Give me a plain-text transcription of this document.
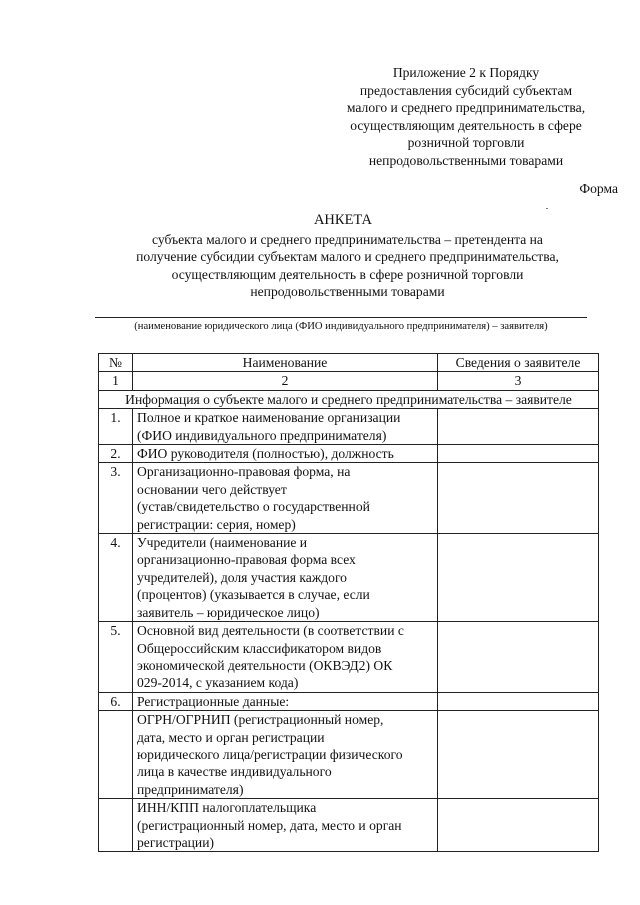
Приложение 2 к Порядку
предоставления субсидий субъектам
малого и среднего предпринимательства,
осуществляющим деятельность в сфере
розничной торговли
непродовольственными товарами
Форма
АНКЕТА
субъекта малого и среднего предпринимательства – претендента на
получение субсидии субъектам малого и среднего предпринимательства,
осуществляющим деятельность в сфере розничной торговли
непродовольственными товарами
(наименование юридического лица (ФИО индивидуального предпринимателя) – заявителя)
№	Наименование	Сведения о заявителе
1	2	3
Информация о субъекте малого и среднего предпринимательства – заявителе		
1.	Полное и краткое наименование организации
(ФИО индивидуального предпринимателя)	

2.	ФИО руководителя (полностью), должность	

3.	Организационно-правовая форма, на
основании чего действует
(устав/свидетельство о государственной
регистрации: серия, номер)	

4.	Учредители (наименование и
организационно-правовая форма всех
учредителей), доля участия каждого
(процентов) (указывается в случае, если
заявитель – юридическое лицо)	

5.	Основной вид деятельности (в соответствии с
Общероссийским классификатором видов
экономической деятельности (ОКВЭД2) ОК
029-2014, с указанием кода)	

6.	Регистрационные данные:	

	ОГРН/ОГРНИП (регистрационный номер,
дата, место и орган регистрации
юридического лица/регистрации физического
лица в качестве индивидуального
предпринимателя)	

	ИНН/КПП налогоплательщика
(регистрационный номер, дата, место и орган
регистрации)	
